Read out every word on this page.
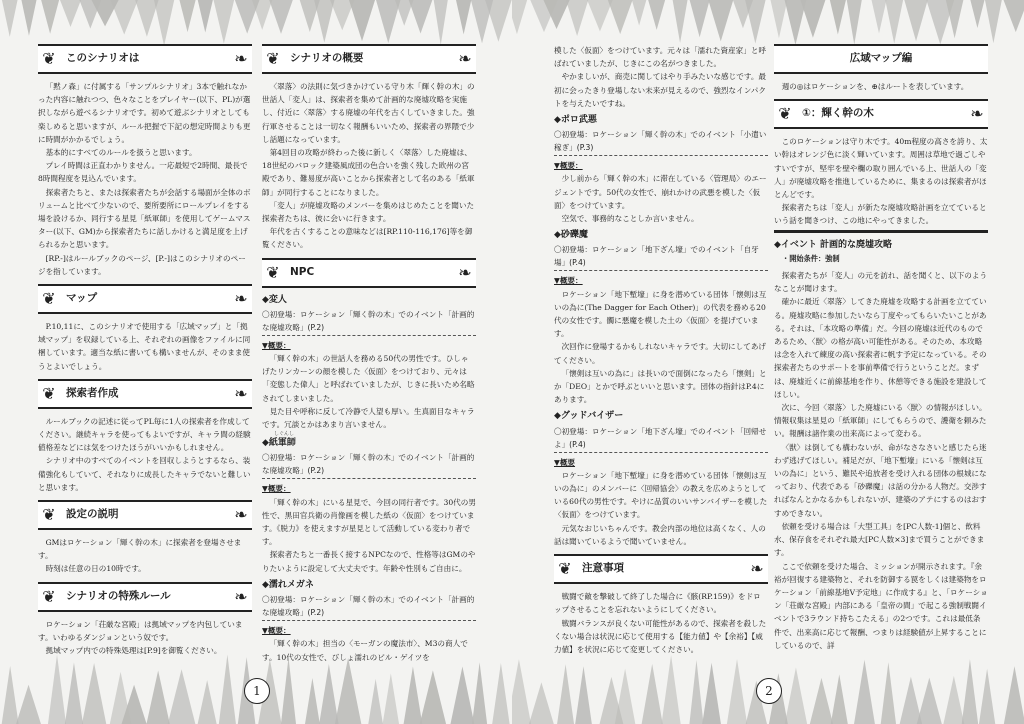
❦ このシナリオは	❧

「黙ノ森」に付属する「サンプルシナリオ」3本で触れなかった内容に触れつつ、色々なことをプレイヤー(以下、PL)が選択しながら遊べるシナリオです。初めて遊ぶシナリオとしても楽しめると思いますが、ルール把握で下記の想定時間よりも更に時間がかかるでしょう。

基本的にすべてのルールを扱うと思います。

プレイ時間は正直わかりません。一応最短で2時間、最長で8時間程度を見込んでいます。

探索者たちと、または探索者たちが会話する場面が全体のボリュームと比べて少ないので、要所要所にロールプレイをする場を設けるか、同行する星見「紙軍師」を使用してゲームマスター(以下、GM)から探索者たちに話しかけると満足度を上げられるかと思います。

[RP.-]はルールブックのページ、[P.-]はこのシナリオのページを指しています。

❦ マップ	❧

P.10,11に、このシナリオで使用する「広域マップ」と「拠域マップ」を収録している上、それぞれの画像をファイルに同梱しています。適当な紙に書いても構いませんが、そのまま使うとよいでしょう。

❦ 探索者作成	❧

ルールブックの記述に従ってPL毎に1人の探索者を作成してください。継続キャラを使ってもよいですが、キャラ間の経験値格差などには気をつけたほうがいいかもしれません。

シナリオ中のすべてのイベントを回収しようとするなら、装備強化もしていて、それなりに成長したキャラでないと難しいと思います。

❦ 設定の説明	❧

GMはロケーション「輝く幹の木」に探索者を登場させます。

時刻は任意の日の10時です。

❦ シナリオの特殊ルール	❧

ロケーション「荘厳な宮殿」は拠域マップを内包しています。いわゆるダンジョンという奴です。

拠域マップ内での特殊処理は[P.9]を御覧ください。

❦ シナリオの概要	❧

〈翠落〉の法則に気づきかけている守り木「輝く幹の木」の世話人「変人」は、探索者を集めて計画的な廃墟攻略を実施し、付近に〈翠落〉する廃墟の年代を古くしていきました。強行軍させることは一切なく報酬もいいため、探索者の界隈で少し話題になっています。

第4回目の攻略が終わった後に新しく〈翠落〉した廃墟は、18世紀のバロック建築風成団の色合いを強く残した欧州の宮殿であり、難易度が高いことから探索者として名のある「紙軍師」が同行することになりました。

「変人」が廃墟攻略のメンバーを集めはじめたことを聞いた探索者たちは、彼に会いに行きます。

年代を古くすることの意味などは[RP.110-116,176]等を御覧ください。

❦ NPC	❧
◆変人
〇初登場：ロケーション「輝く幹の木」でのイベント「計画的な廃墟攻略」(P.2)
▼概要：

「輝く幹の木」の世話人を務める50代の男性です。ひしゃげたリンカーンの顔を模した〈仮面〉をつけており、元々は「変態した偉人」と呼ばれていましたが、じきに長いため名略されてしまいました。

見た目や呼称に反して冷静で人望も厚い。生真面目なキャラです。冗談とかはあまり言いません。

しぐんし
◆紙軍師
〇初登場：ロケーション「輝く幹の木」でのイベント「計画的な廃墟攻略」(P.2)
▼概要：

「輝く幹の木」にいる星見で、今回の同行者です。30代の男性で、黒田官兵衛の肖像画を模した紙の〈仮面〉をつけています。《脱力》を使えますが星見として活動している変わり者です。

探索者たちと一番長く接するNPCなので、性格等はGMのやりたいように設定して大丈夫です。年齢や性別もご自由に。

◆濡れメガネ
〇初登場：ロケーション「輝く幹の木」でのイベント「計画的な廃墟攻略」(P.2)
▼概要：

「輝く幹の木」担当の〈モーガンの魔法市〉、M3の商人です。10代の女性で、びしょ濡れのビル・ゲイツを

1

模した〈仮面〉をつけています。元々は「濡れた資産家」と呼ばれていましたが、じきにこの名がつきました。

やかましいが、商売に関してはやり手みたいな感じです。最初に会ったきり登場しない未来が見えるので、強烈なインパクトを与えたいですね。

◆ポロ武悪
〇初登場：ロケーション「輝く幹の木」でのイベント「小遣い稼ぎ」(P.3)
▼概要：

少し前から「輝く幹の木」に滞在している〈管理局〉のエージェントです。50代の女性で、崩れかけの武悪を模した〈仮面〉をつけています。

空気で、事務的なことしか言いません。

◆砂礫魔
〇初登場：ロケーション「地下ざん壕」でのイベント「自牙場」(P.4)
▼概要：

ロケーション「地下塹壕」に身を潜めている団体「懐剣は互いの為に(The Dagger for Each Other)」の代表を務める20代の女性です。髑に悪魔を模した土の〈仮面〉を提げています。

次回作に登場するかもしれないキャラです。大切にしてあげてください。

「懐剣は互いの為に」は長いので面倒になったら「懐剣」とか「DEO」とかで呼ぶといいと思います。団体の指針はP.4にあります。

◆グッドバイザー
〇初登場：ロケーション「地下ざん壕」でのイベント「回帰せよ」(P.4)
▼概要

ロケーション「地下塹壕」に身を潜めている団体「懐剣は互いの為に」のメンバーに〈回帰協会〉の教えを広めようとしている60代の男性です。やけに品質のいいサンバイザーを模した〈仮面〉をつけています。

元気なおじいちゃんです。教会内部の地位は高くなく、人の話は聞いているようで聞いていません。

❦ 注意事項	❧

戦闘で敵を撃破して終了した場合に《骸(RP.159)》をドロップさせることを忘れないようにしてください。

戦闘バランスが良くない可能性があるので、探索者を殺したくない場合は状況に応じて使用する【能力値】や【余裕】【威力値】を状況に応じて変更してください。

広域マップ編

週の◎はロケーションを、⊕はルートを表しています。

❦ ①：輝く幹の木	❧

このロケーションは守り木です。40m程度の高さを誇り、太い幹はオレンジ色に淡く輝いています。周囲は草地で過ごしやすいですが、堅牢を壁や欄の取り囲んでいる上、世話人の「変人」が廃墟攻略を推進しているために、集まるのは探索者がほとんどです。

探索者たちは「変人」が新たな廃墟攻略計画を立てているという話を聞きつけ、この地にやってきました。

◆イベント 計画的な廃墟攻略
・開始条件：強制

探索者たちが「変人」の元を訪れ、話を聞くと、以下のようなことが聞けます。

確かに最近〈翠落〉してきた廃墟を攻略する計画を立てている。廃墟攻略に参加したいなら丁度やってもらいたいことがある。それは、「本攻略の準備」だ。今回の廃墟は近代のものであるため、〈獣〉の格が高い可能性がある。そのため、本攻略は念を入れて練度の高い探索者に帆す予定になっている。その探索者たちのサポートを事前準備で行うということだ。まずは、廃墟近くに前線基地を作り、休憩等できる施設を建設してほしい。

次に、今回〈翠落〉した廃墟にいる〈獣〉の情報がほしい。情報収集は星見の「紙軍師」にしてもらうので、護衛を頼みたい。報酬は諸作業の出来高によって変わる。

〈獣〉は倒しても構わないが、命がなさなさいと感じたら迷わず逃げてほしい。補足だが、「地下塹壕」にいる「懐剣は互いの為に」という、難民や追放者を受け入れる団体の根城になっており、代表である「砂礫魔」は話の分かる人物だ。交渉すればなんとかなるかもしれないが、建築のアテにするのはおすすめできない。

依頼を受ける場合は「大型工具」を[PC人数-1]個と、飲料水、保存食をそれぞれ最大[PC人数×3]まで買うことができます。

ここで依頼を受けた場合、ミッションが開示されます。『余裕が回復する建築物と、それを防御する罠をしくは建築物をロケーション「前線基地V予定地」に作成する』と、「ロケーション「荘厳な宮殿」内部にある「皇帝の間」で起こる強制戦闘イベントで3ラウンド持ちこたえる」の2つです。これは最低条件で、出来高に応じて報酬、つまりは経験値が上昇することにしているので、詳

2
